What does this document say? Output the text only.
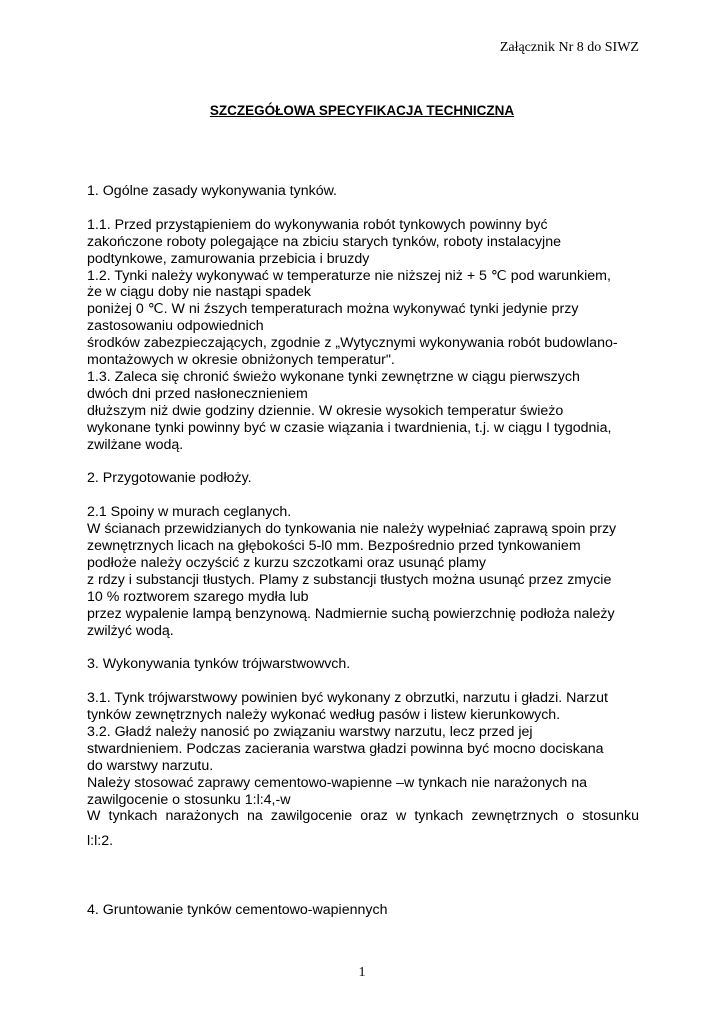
Załącznik Nr 8 do SIWZ
SZCZEGÓŁOWA SPECYFIKACJA TECHNICZNA

1. Ogólne zasady wykonywania tynków.

1.1. Przed przystąpieniem do wykonywania robót tynkowych powinny być

zakończone roboty polegające na zbiciu starych tynków, roboty instalacyjne

podtynkowe, zamurowania przebicia i bruzdy

1.2. Tynki należy wykonywać w temperaturze nie niższej niż + 5 ℃ pod warunkiem,

że w ciągu doby nie nastąpi spadek

poniżej 0 ℃. W ni źszych temperaturach można wykonywać tynki jedynie przy

zastosowaniu odpowiednich

środków zabezpieczających, zgodnie z „Wytycznymi wykonywania robót budowlano-

montażowych w okresie obniżonych temperatur".

1.3. Zaleca się chronić świeżo wykonane tynki zewnętrzne w ciągu pierwszych

dwóch dni przed nasłonecznieniem

dłuższym niż dwie godziny dziennie. W okresie wysokich temperatur świeżo

wykonane tynki powinny być w czasie wiązania i twardnienia, t.j. w ciągu I tygodnia,

zwilżane wodą.

2. Przygotowanie podłoży.

2.1 Spoiny w murach ceglanych.

W ścianach przewidzianych do tynkowania nie należy wypełniać zaprawą spoin przy

zewnętrznych licach na głębokości 5-l0 mm. Bezpośrednio przed tynkowaniem

podłoże należy oczyścić z kurzu szczotkami oraz usunąć plamy

z rdzy i substancji tłustych. Plamy z substancji tłustych można usunąć przez zmycie

10 % roztworem szarego mydła lub

przez wypalenie lampą benzynową. Nadmiernie suchą powierzchnię podłoża należy

zwilżyć wodą.

3. Wykonywania tynków trójwarstwowvch.

3.1. Tynk trójwarstwowy powinien być wykonany z obrzutki, narzutu i gładzi. Narzut

tynków zewnętrznych należy wykonać według pasów i listew kierunkowych.

3.2. Gładź należy nanosić po związaniu warstwy narzutu, lecz przed jej

stwardnieniem. Podczas zacierania warstwa gładzi powinna być mocno dociskana

do warstwy narzutu.

Należy stosować zaprawy cementowo-wapienne –w tynkach nie narażonych na

zawilgocenie o stosunku 1:l:4,-w

W tynkach narażonych na zawilgocenie oraz w tynkach zewnętrznych o stosunku

l:l:2.

4. Gruntowanie tynków cementowo-wapiennych

1
